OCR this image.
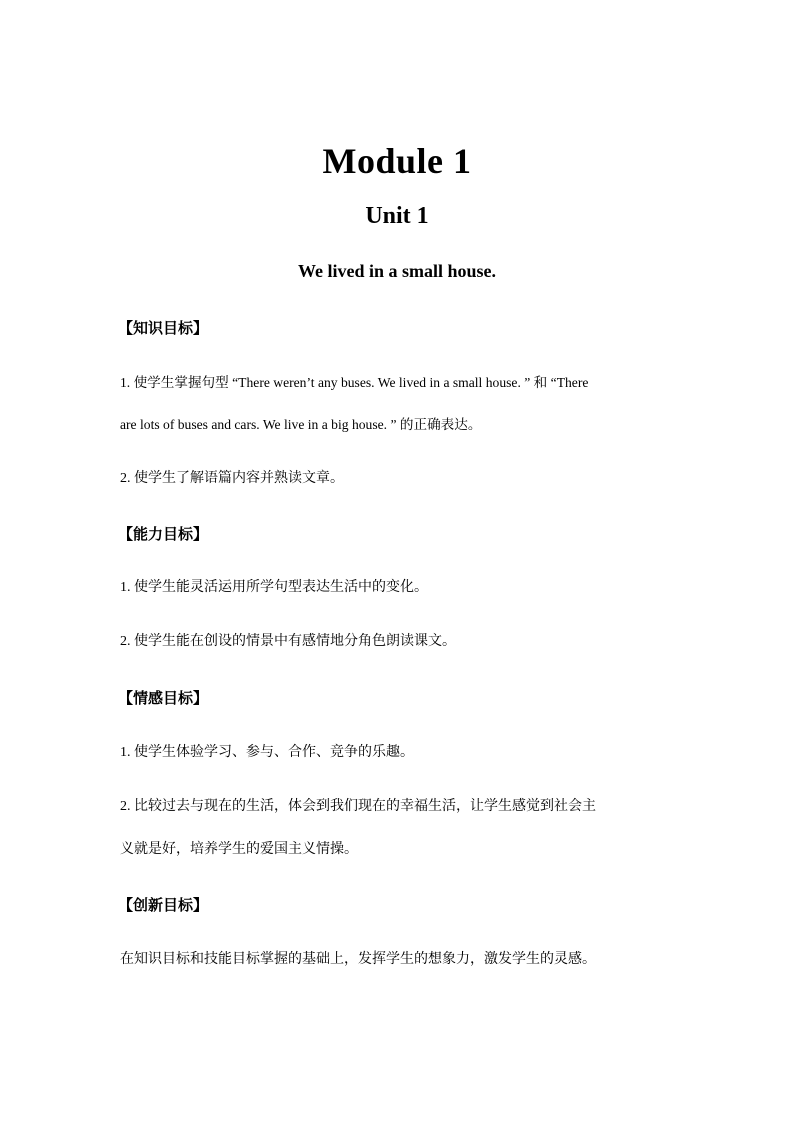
Module 1
Unit 1
We lived in a small house.
【知识目标】

1. 使学生掌握句型 “There weren’t any buses. We lived in a small house. ” 和 “There

are lots of buses and cars. We live in a big house. ” 的正确表达。

2. 使学生了解语篇内容并熟读文章。

【能力目标】

1. 使学生能灵活运用所学句型表达生活中的变化。

2. 使学生能在创设的情景中有感情地分角色朗读课文。

【情感目标】

1. 使学生体验学习、参与、合作、竞争的乐趣。

2. 比较过去与现在的生活，体会到我们现在的幸福生活，让学生感觉到社会主

义就是好，培养学生的爱国主义情操。

【创新目标】

在知识目标和技能目标掌握的基础上，发挥学生的想象力，激发学生的灵感。
